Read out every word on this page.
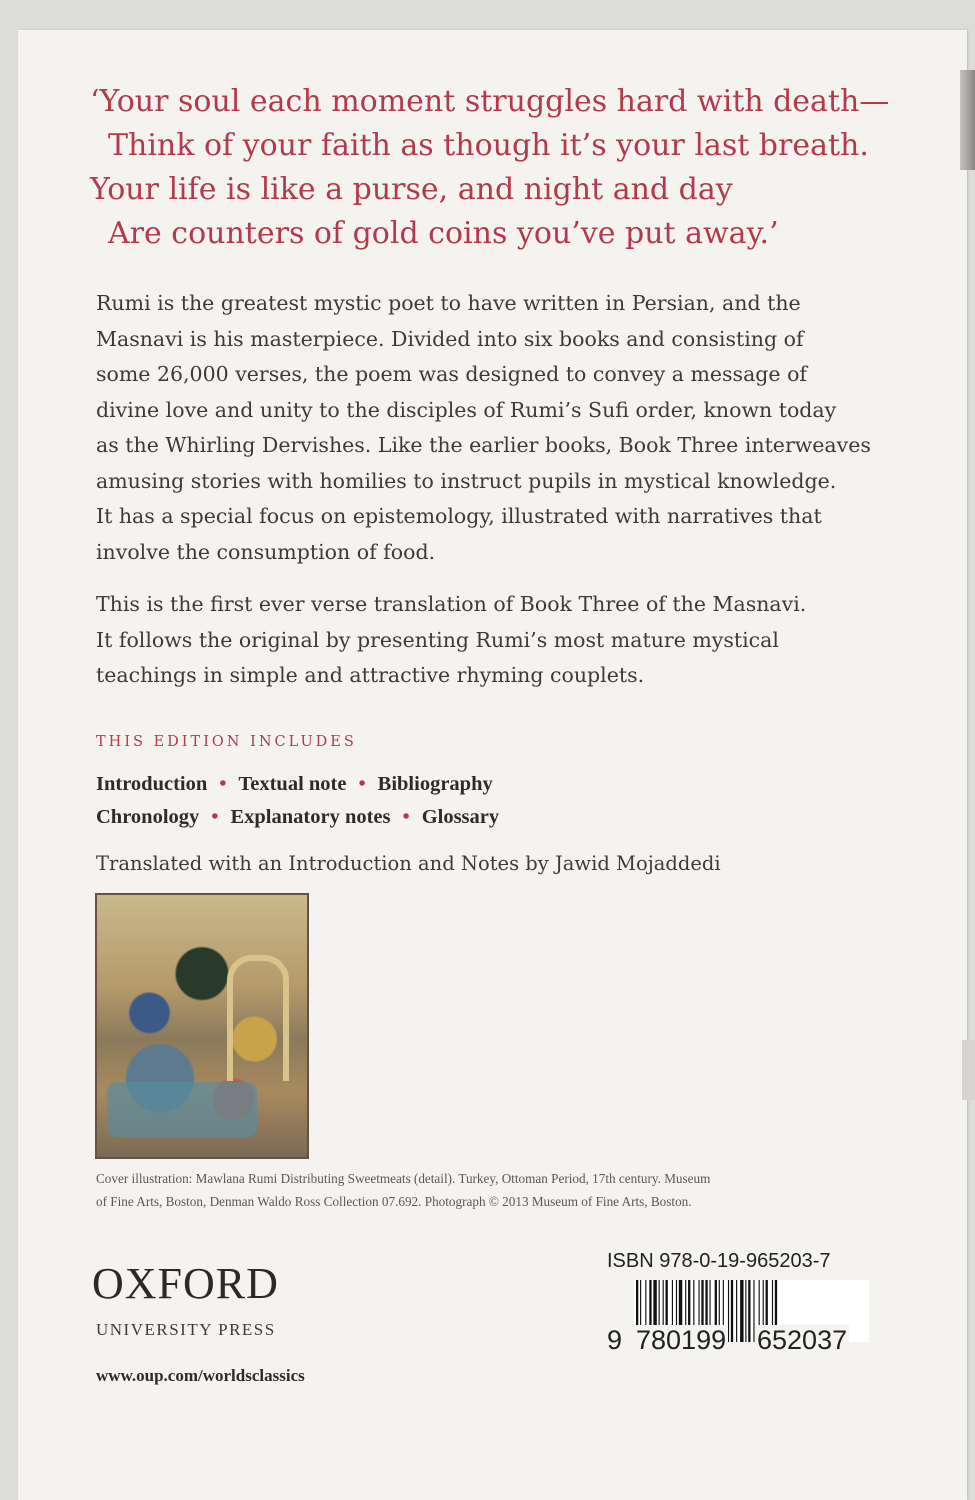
‘Your soul each moment struggles hard with death—
Think of your faith as though it’s your last breath.
Your life is like a purse, and night and day
Are counters of gold coins you’ve put away.’

Rumi is the greatest mystic poet to have written in Persian, and the
Masnavi is his masterpiece. Divided into six books and consisting of
some 26,000 verses, the poem was designed to convey a message of
divine love and unity to the disciples of Rumi’s Sufi order, known today
as the Whirling Dervishes. Like the earlier books, Book Three interweaves
amusing stories with homilies to instruct pupils in mystical knowledge.
It has a special focus on epistemology, illustrated with narratives that
involve the consumption of food.

This is the first ever verse translation of Book Three of the Masnavi.
It follows the original by presenting Rumi’s most mature mystical
teachings in simple and attractive rhyming couplets.

THIS EDITION INCLUDES
Introduction • Textual note • Bibliography
Chronology • Explanatory notes • Glossary
Translated with an Introduction and Notes by Jawid Mojaddedi
Cover illustration: Mawlana Rumi Distributing Sweetmeats (detail). Turkey, Ottoman Period, 17th century. Museum
of Fine Arts, Boston, Denman Waldo Ross Collection 07.692. Photograph © 2013 Museum of Fine Arts, Boston.
OXFORD
UNIVERSITY PRESS
www.oup.com/worldsclassics
ISBN 978-0-19-965203-7
9 780199 652037
